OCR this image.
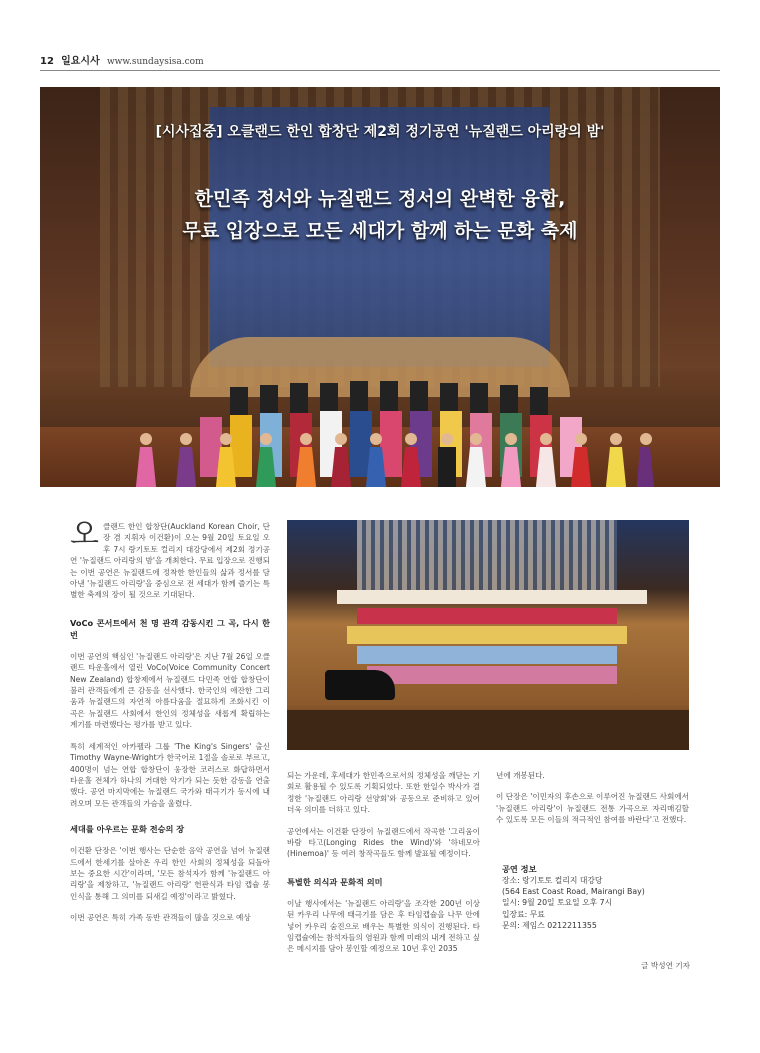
12 일요시사 www.sundaysisa.com
[시사집중] 오클랜드 한인 합창단 제2회 정기공연 '뉴질랜드 아리랑의 밤'
한민족 정서와 뉴질랜드 정서의 완벽한 융합,
무료 입장으로 모든 세대가 함께 하는 문화 축제

오클랜드 한인 합창단(Auckland Korean Choir, 단장 겸 지휘자 이건환)이 오는 9월 20일 토요일 오후 7시 랑기토토 컬리지 대강당에서 제2회 정기공연 '뉴질랜드 아리랑의 밤'을 개최한다. 무료 입장으로 진행되는 이번 공연은 뉴질랜드에 정착한 한인들의 삶과 정서를 담아낸 '뉴질랜드 아리랑'을 중심으로 전 세대가 함께 즐기는 특별한 축제의 장이 될 것으로 기대된다.

VoCo 콘서트에서 천 명 관객 감동시킨 그 곡, 다시 한 번

이번 공연의 핵심인 '뉴질랜드 아리랑'은 지난 7월 26일 오클랜드 타운홀에서 열린 VoCo(Voice Community Concert New Zealand) 합창제에서 뉴질랜드 다민족 연합 합창단이 불러 관객들에게 큰 감동을 선사했다. 한국인의 애잔한 그리움과 뉴질랜드의 자연적 아름다움을 절묘하게 조화시킨 이 곡은 뉴질랜드 사회에서 한인의 정체성을 새롭게 확립하는 계기를 마련했다는 평가를 받고 있다.

특히 세계적인 아카펠라 그룹 'The King's Singers' 출신 Timothy Wayne-Wright가 한국어로 1절을 솔로로 부르고, 400명이 넘는 연합 합창단이 웅장한 코러스로 화답하면서 타운홀 전체가 하나의 거대한 악기가 되는 듯한 감동을 연출했다. 공연 마지막에는 뉴질랜드 국가와 태극기가 동시에 내려오며 모든 관객들의 가슴을 울렸다.

세대를 아우르는 문화 전승의 장

이건환 단장은 '이번 행사는 단순한 음악 공연을 넘어 뉴질랜드에서 한세기를 살아온 우리 한인 사회의 정체성을 되돌아보는 중요한 시간'이라며, '모든 참석자가 함께 '뉴질랜드 아리랑'을 제창하고, '뉴질랜드 아리랑' 헌판식과 타임 캡슐 봉인식을 통해 그 의미를 되새길 예정'이라고 밝혔다.

이번 공연은 특히 가족 동반 관객들이 많을 것으로 예상

되는 가운데, 후세대가 한민족으로서의 정체성을 깨닫는 기회로 활용될 수 있도록 기획되었다. 또한 한일수 박사가 결정한 '뉴질랜드 아리랑 선양회'와 공동으로 준비하고 있어 더욱 의미를 더하고 있다.

공연에서는 이건환 단장이 뉴질랜드에서 작곡한 '그리움이 바람 타고(Longing Rides the Wind)'와 '하네모아(Hinemoa)' 등 여러 창작곡들도 함께 발표될 예정이다.

특별한 의식과 문화적 의미

이날 행사에서는 '뉴질랜드 아리랑'을 조각한 200년 이상 된 카우리 나무에 태극기를 담은 후 타임캡슐을 나무 안에 넣어 카우리 숨진으로 배우는 특별한 의식이 진행된다. 타임캡슐에는 참석자들의 염원과 함께 미래의 내게 전하고 싶은 메시지를 담아 봉인할 예정으로 10년 후인 2035

년에 개봉된다.

이 단장은 '이민자의 후손으로 이루어진 뉴질랜드 사회에서 '뉴질랜드 아리랑'이 뉴질랜드 전통 가곡으로 자리매김할 수 있도록 모든 이들의 적극적인 참여를 바란다'고 전했다.

공연 정보
장소: 랑기토토 컬리지 대강당
(564 East Coast Road, Mairangi Bay)
일시: 9월 20일 토요일 오후 7시
입장료: 무료
문의: 제임스 0212211355
글 박성연 기자
